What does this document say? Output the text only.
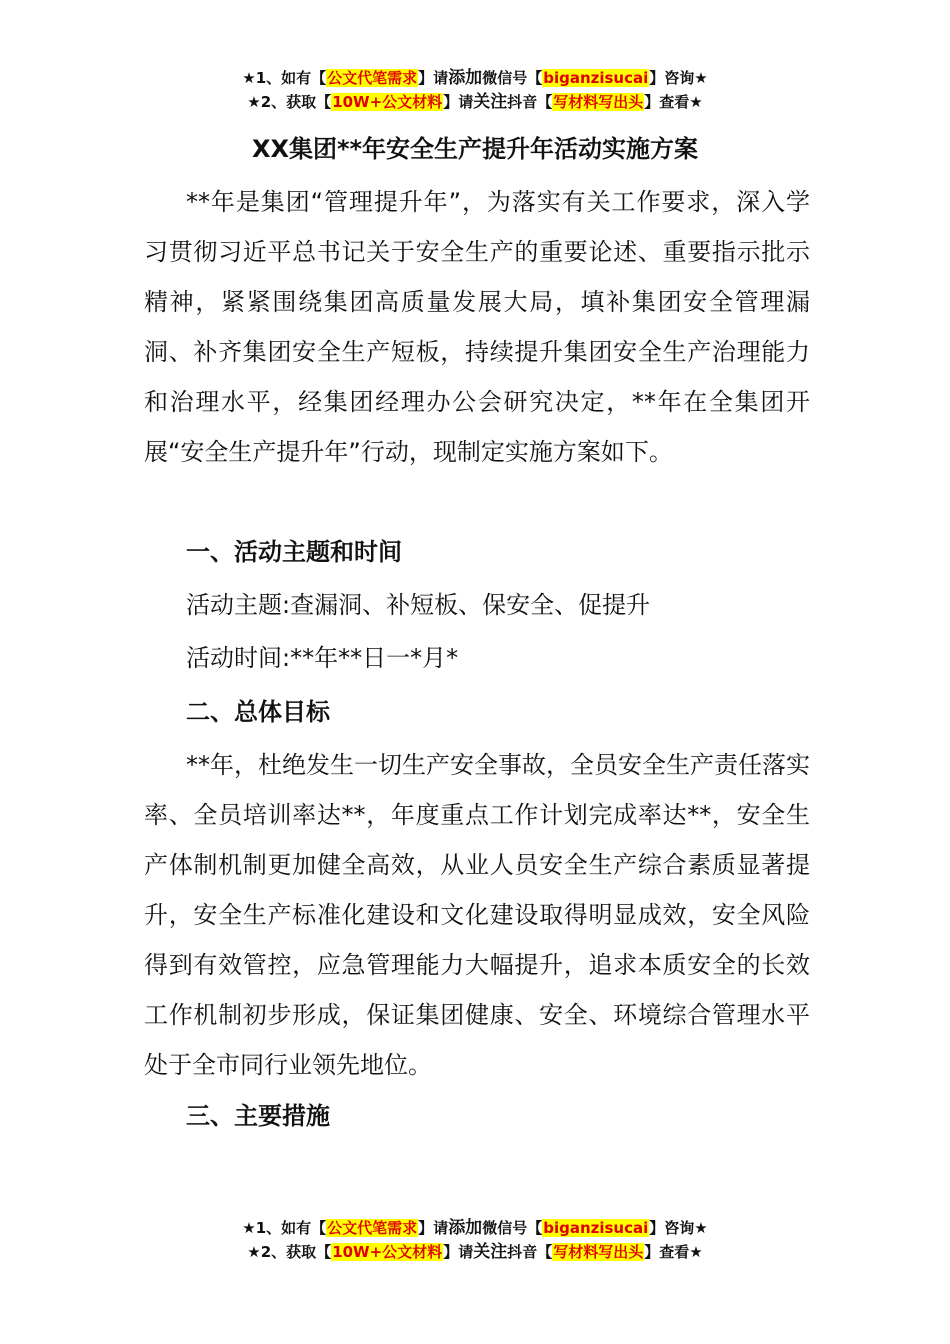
★1、如有【公文代笔需求】请添加微信号【biganzisucai】咨询★
★2、获取【10W+公文材料】请关注抖音【写材料写出头】查看★
XX集团**年安全生产提升年活动实施方案

**年是集团“管理提升年”，为落实有关工作要求，深入学习贯彻习近平总书记关于安全生产的重要论述、重要指示批示精神，紧紧围绕集团高质量发展大局，填补集团安全管理漏洞、补齐集团安全生产短板，持续提升集团安全生产治理能力和治理水平，经集团经理办公会研究决定，**年在全集团开展“安全生产提升年”行动，现制定实施方案如下。

一、活动主题和时间

活动主题:查漏洞、补短板、保安全、促提升

活动时间:**年**日一*月*

二、总体目标

**年，杜绝发生一切生产安全事故，全员安全生产责任落实率、全员培训率达**，年度重点工作计划完成率达**，安全生产体制机制更加健全高效，从业人员安全生产综合素质显著提升，安全生产标准化建设和文化建设取得明显成效，安全风险得到有效管控，应急管理能力大幅提升，追求本质安全的长效工作机制初步形成，保证集团健康、安全、环境综合管理水平处于全市同行业领先地位。

三、主要措施

★1、如有【公文代笔需求】请添加微信号【biganzisucai】咨询★
★2、获取【10W+公文材料】请关注抖音【写材料写出头】查看★
